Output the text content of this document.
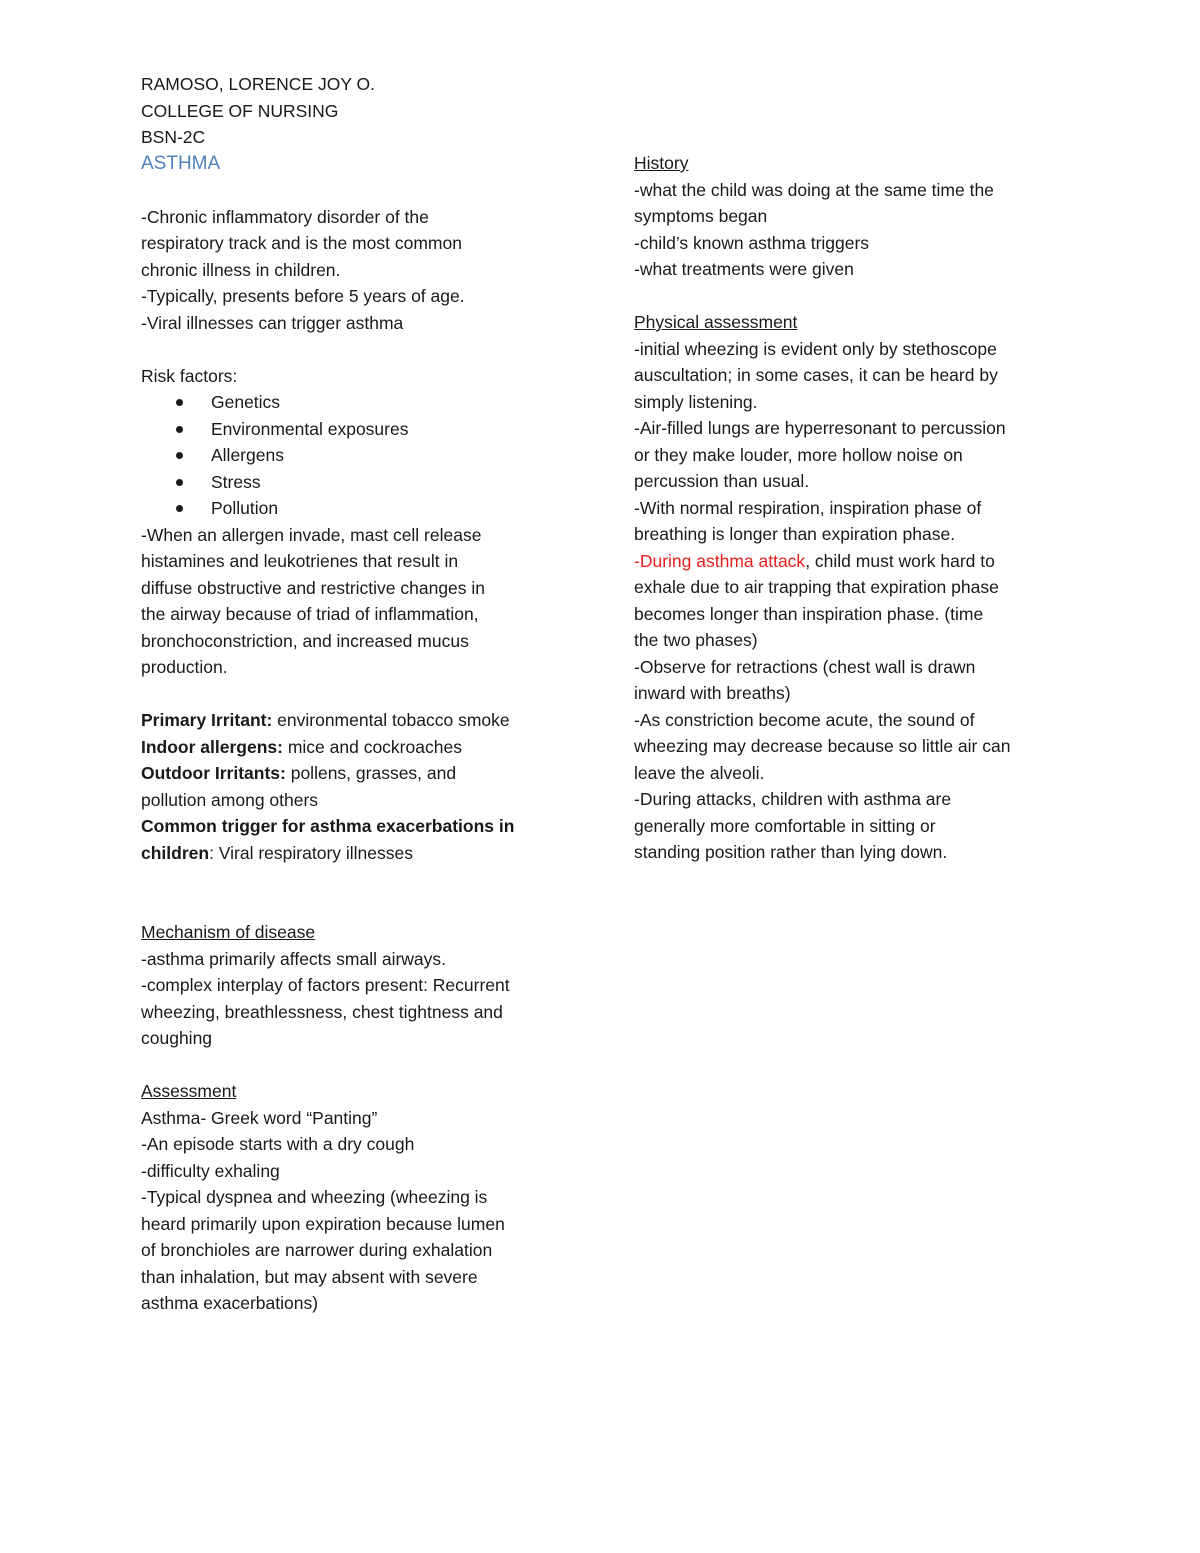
RAMOSO, LORENCE JOY O.
COLLEGE OF NURSING
BSN-2C
ASTHMA
-Chronic inflammatory disorder of the
respiratory track and is the most common
chronic illness in children.
-Typically, presents before 5 years of age.
-Viral illnesses can trigger asthma
Risk factors:
Genetics
Environmental exposures
Allergens
Stress
Pollution
-When an allergen invade, mast cell release
histamines and leukotrienes that result in
diffuse obstructive and restrictive changes in
the airway because of triad of inflammation,
bronchoconstriction, and increased mucus
production.
Primary Irritant: environmental tobacco smoke
Indoor allergens: mice and cockroaches
Outdoor Irritants: pollens, grasses, and
pollution among others
Common trigger for asthma exacerbations in
children: Viral respiratory illnesses
Mechanism of disease
-asthma primarily affects small airways.
-complex interplay of factors present: Recurrent
wheezing, breathlessness, chest tightness and
coughing
Assessment
Asthma- Greek word “Panting”
-An episode starts with a dry cough
-difficulty exhaling
-Typical dyspnea and wheezing (wheezing is
heard primarily upon expiration because lumen
of bronchioles are narrower during exhalation
than inhalation, but may absent with severe
asthma exacerbations)
History
-what the child was doing at the same time the
symptoms began
-child’s known asthma triggers
-what treatments were given
Physical assessment
-initial wheezing is evident only by stethoscope
auscultation; in some cases, it can be heard by
simply listening.
-Air-filled lungs are hyperresonant to percussion
or they make louder, more hollow noise on
percussion than usual.
-With normal respiration, inspiration phase of
breathing is longer than expiration phase.
-During asthma attack, child must work hard to
exhale due to air trapping that expiration phase
becomes longer than inspiration phase. (time
the two phases)
-Observe for retractions (chest wall is drawn
inward with breaths)
-As constriction become acute, the sound of
wheezing may decrease because so little air can
leave the alveoli.
-During attacks, children with asthma are
generally more comfortable in sitting or
standing position rather than lying down.
